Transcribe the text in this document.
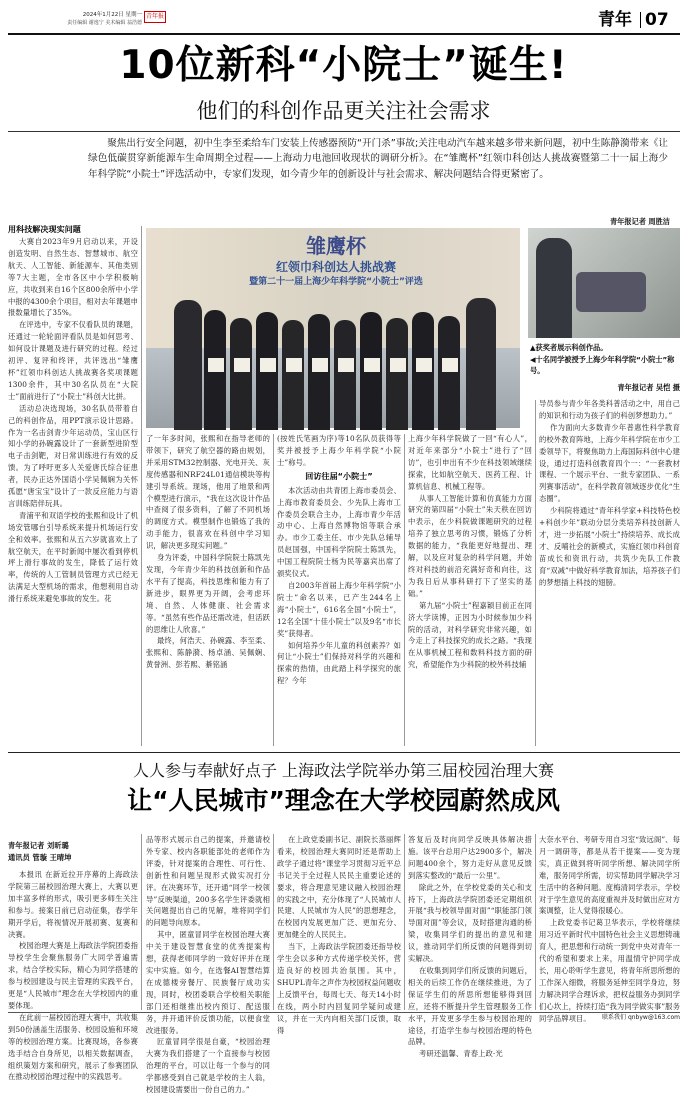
青年报
2024年1月22日 星期一
责任编辑 谢逸宁 美术编辑 翁浩德	青年 07
10位新科“小院士”诞生!
他们的科创作品更关注社会需求
聚焦出行安全问题，初中生李至柔给车门安装上传感器预防“开门杀”事故;关注电动汽车越来越多带来新问题，初中生陈静漪带来《让绿色低碳贯穿新能源车生命周期全过程——上海动力电池回收现状的调研分析》。在“雏鹰杯”红领巾科创达人挑战赛暨第二十一届上海少年科学院“小院士”评选活动中，专家们发现，如今青少年的创新设计与社会需求、解决问题结合得更紧密了。
青年报记者 周胜洁
雏鹰杯
红领巾科创达人挑战赛
暨第二十一届上海少年科学院“小院士”评选
▲获奖者展示科创作品。
◀十名同学被授予上海少年科学院“小院士”称号。
青年报记者 吴恺 摄
用科技解决现实问题

大赛自2023年9月启动以来，开设创造发明、自然生态、智慧城市、航空航天、人工智能、新能源车、其他类别等7大主题，全市各区中小学积极响应，共收到来自16个区800余所中小学中报的4300余个项目，相对去年课题申报数量增长了35%。

在评选中，专家不仅看队员的课题，还通过一轮轮面评看队员是如何思考、如何设计课题及进行研究的过程。经过初评、复评和终评，共评选出“雏鹰杯”红领巾科创达人挑战赛各奖项课题1300余件，其中30名队员在“大院士”面前进行了“小院士”科创大比拼。

活动总决选现场，30名队员带着自己的科创作品，用PPT演示设计思路。作为一名击剑青少年运动员，宝山区行知小学的孙碗露设计了一套新型进阶型电子击剑靶，对日常训练进行有效的反馈。为了呼吁更多人关爱唐氏综合征患者，民办正达外国语小学吴佩娴为关怀孤愿“唐宝宝”设计了一款反应能力与语言训练陪伴玩具。

青浦平和双语学校的张熙和设计了机场安管哪台引导系统来提升机场运行安全和效率。张熙和从五六岁就喜欢上了航空航天，在平时新闻中屡次看到停机坪上滑行事故的发生，降低了运行效率，传统的人工管制员管理方式已经无法满足大型机场的需求，他想利用自动滑行系统来避免事故的发生。花

了一年多时间，张熙和在指导老师的带领下，研究了航空器的路由规划，并采用STM32控制器、光电开关、灰度传感器和NRF24L01通信模块等构建引导系统。现场，他用了地景和两个模型进行演示，“我在这次设计作品中查阅了很多资料，了解了不同机场的调度方式。模型制作也锻炼了我的动手能力，很喜欢在科创中学习知识，解决更多现实问题。”

身为评委，中国科学院院士陈凯先发现，今年青少年的科技创新和作品水平有了提高，科技思维和能力有了新进步，眼界更为开阔，会考虑环境、自然、人体健康、社会需求等。“虽然有些作品还需改进，但活跃的思维让人欣喜。”

最终，何浩天、孙碗露、李至柔、张熙和、陈静漪、杨卓涵、吴佩娴、黄誉洲、彭若熙、綦铭涵

(按姓氏笔画为序)等10名队员获得等奖并被授予上海少年科学院“小院士”称号。

回访往届“小院士”

本次活动由共青团上海市委员会、上海市教育委员会、少先队上海市工作委员会联合主办，上海市青少年活动中心、上海自然博物馆等联合承办。市少工委主任、市少先队总辅导员赵国强，中国科学院院士陈凯先，中国工程院院士杨为民等嘉宾出席了颁奖仪式。

自2003年首届上海少年科学院“小院士”命名以来，已产生244名上海“小院士”，616名全国“小院士”，12名全国“十佳小院士”以及9名“市长奖”获得者。

如何培养少年儿童的科创素养？如何让“小院士”们保持对科学的兴趣和探索的热情，由此踏上科学探究的旅程？今年

上海少年科学院做了一回“有心人”，对近年来部分“小院士”进行了“回访”，也引申出有不少在科技领域继续探索，比如航空航天、医药工程、计算机信息、机械工程等。

从事人工智能计算和仿真能力方面研究的第四届“小院士”朱天秩在回访中表示，在少科院做课题研究的过程培养了独立思考的习惯，锻炼了分析数据的能力，“我能更好地提出、理解，以及应对复杂的科学问题，并始终对科技的前沿充满好奇和向往，这为我日后从事科研打下了坚实的基础。”

第九届“小院士”程嘉颖目前正在同济大学读博，正因为小时候参加少科院的活动，对科学研究非常兴趣，如今走上了科技探究的成长之路。“我现在从事机械工程和数料科技方面的研究，希望能作为少科院的校外科技辅

导员参与青少年各类科普活动之中，用自己的知识和行动为孩子们的科创梦想助力。”

作为面向大多数青少年普惠性科学教育的校外教育阵地，上海少年科学院在市少工委领导下，将聚焦助力上海国际科创中心建设，通过打造科创教育四个一：“一套教材课程、一个展示平台、一批专家团队、一系列赛事活动”，在科学教育领域逐步优化“生态圈”。

少科院将通过“青年科学家+科技特色校+科创少年”联动分层分类培养科技创新人才，进一步拓展“小院士”持续培养、成长成才、反哺社会的新模式，实施红领巾科创育苗成长和资讯行动，共筑少先队工作教育“双减”中做好科学教育加法，培养孩子们的梦想插上科技的翅膀。

人人参与奉献好点子 上海政法学院举办第三届校园治理大赛
让“人民城市”理念在大学校园蔚然成风
青年报记者 刘昕璐
通讯员 管璇 王晴坤

本报讯 在新近拉开序幕的上海政法学院第三届校园治理大赛上，大赛以更加丰富多样的形式，吸引更多师生关注和参与。接案日前已启动征集，春学年期开学后，将视情况开展初赛、复赛和决赛。

校园治理大赛是上海政法学院团委指导校学生会聚焦服务广大同学普遍需求，结合学校实际，精心为同学搭建的参与校园建设与民主管理的实践平台，更是“人民城市”理念在大学校园内的重要体现。

在此前一届校园治理大赛中，共收集到50份涵盖生活服务、校园设施和环境等的校园治理方案。比赛现场，各参赛选手结合自身所见，以相关数据调查，组织策划方案和研究，展示了参赛团队在推动校园治理过程中的实践思考。

品等形式展示自己的提案，并邀请校外专家、校内各职能部处的老师作为评委，针对提案的合理性、可行性、创新性和问题呈现形式做实况打分评。在决赛环节，还开通“同学一校领导”反映渠道，200多名学生评委就相关问题提出自己的见解，堆将同学们的问题导向原本。

其中，匿童冒同学在校园治理大赛中关于建设智慧食堂的优秀提案构想，获得老师同学的一致好评并在现实中实施。如今，在选餐AI智慧结算在成德楼旁餐厅、民族餐厅成功实现，同时，校团委联合学校相关职能部门还相继推出校内预订、配送服务，并开通评价反馈功能，以便食堂改进服务。

匠童冒同学很是自豪，“校园治理大赛为我们搭建了一个直接参与校园治理的平台，可以让每一个参与的同学都感受到自己就是学校的主人翁，校园建设需要出一份自己的力。”

在上政党委副书记、副院长蒸丽辉看来，校园治理大赛同时还是帮助上政学子通过将“课堂学习贯彻习近平总书记关于全过程人民民主重要论述的要求，将合理意见建议融入校园治理的实践之中，充分体现了“人民城市人民建、人民城市为人民”的思想理念，在校园内发展更加广泛、更加充分、更加健全的人民民主。

当下，上海政法学院团委还指导校学生会以多种方式传递学校关怀，营造良好的校园共治氛围。其中，SHUPL青年之声作为校园权益问题收上反馈平台，每周七天、每天14小时在线，两小时内回复同学疑问或建议，并在一天内向相关部门反馈，取得

答复后及时向同学反映具体解决措施。该平台总用户达2900多个，解决问题400余个，努力走好从意见反馈到落实整改的“最后一公里”。

除此之外，在学校党委的关心和支持下，上海政法学院团委还定期组织开展“我与校领导面对面”“职能部门领导面对面”等会议，及时搭建沟通的桥梁，收集同学们的提出的意见和建议，推动同学们所反馈的问题得到切实解决。

在收集到同学们所反馈的问题后，相关的后续工作仍在继续推进，为了保证学生们的所思所想能够得到回应，还将不断提升学生管理服务工作水平，开发更多学生参与校园治理的途径，打造学生参与校园治理的特色品牌。

考研还温馨、青春上政·光

大奈水平台、考研专用自习室“致远阁”、每月一调研等，都是从若干提案——变为现实，真正做到将听同学所想、解决同学所难，服务同学所需，切实帮助同学解决学习生活中的各种问题。度梅清同学表示，学校对于学生意见的高度重视并及时做出应对方案调整，让人觉得很暖心。

上政党委书记葛卫华表示，学校将继续用习近平新时代中国特色社会主义思想铸魂育人，把思想和行动统一到党中央对青年一代的希望和要求上来，用温情守护同学成长，用心聆听学生意见，将青年所思所想的工作深入细微，将服务延伸至同学身边，努力解决同学合理诉求，把权益服务办到同学们心坎上，持续打造“我为同学做实事”服务同学品牌项目。	联系我们 qnbyw@163.com
